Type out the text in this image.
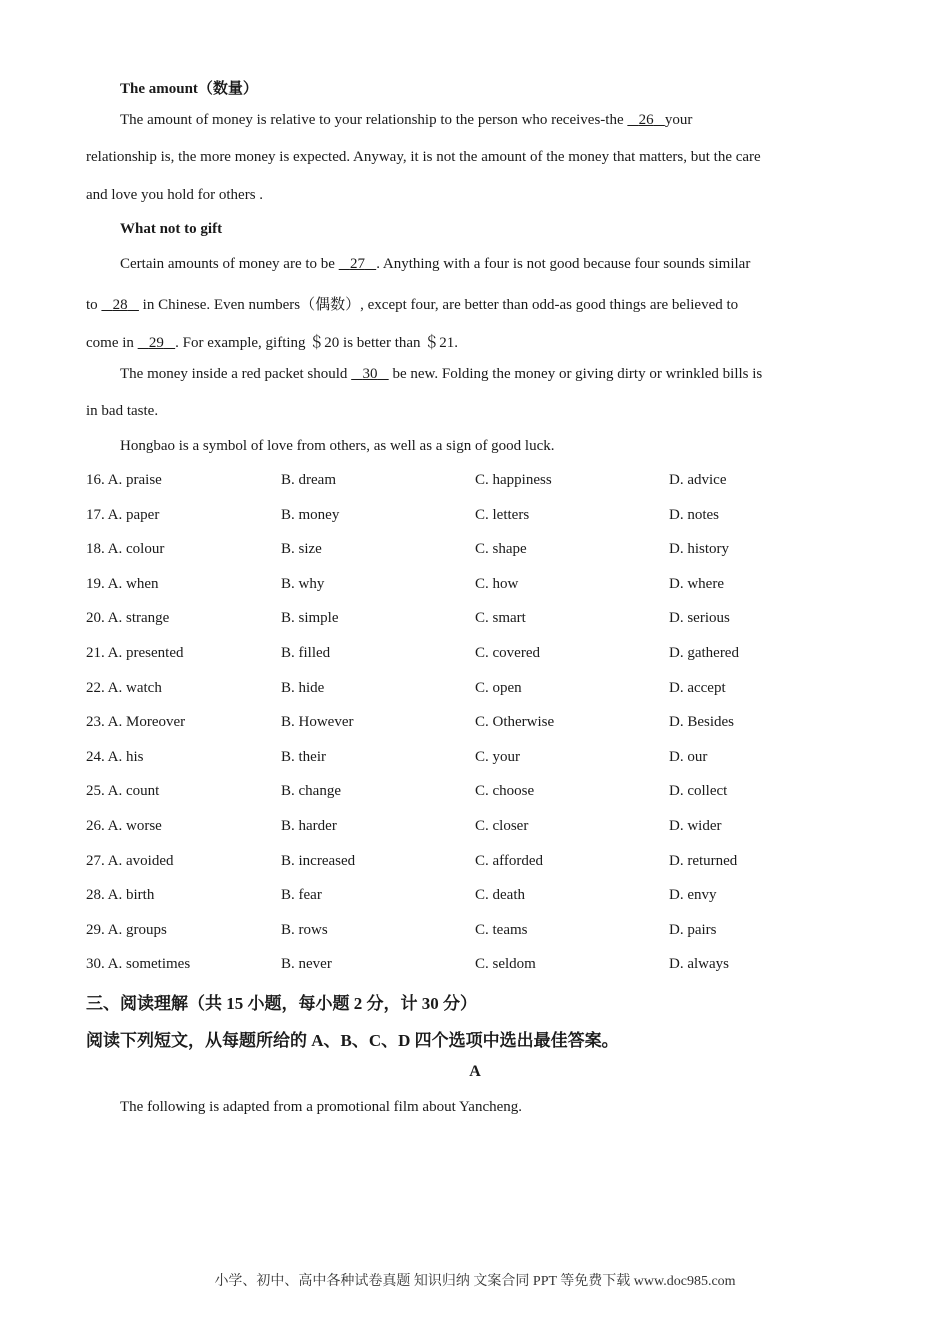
The amount（数量）
The amount of money is relative to your relationship to the person who receives-the    26 your
relationship is, the more money is expected. Anyway, it is not the amount of the money that matters, but the care
and love you hold for others .
What not to gift
Certain amounts of money are to be    27 . Anything with a four is not good because four sounds similar
to    28    in Chinese. Even numbers（偶数）, except four, are better than odd-as good things are believed to
come in    29 . For example, gifting ＄20 is better than ＄21.
The money inside a red packet should    30    be new. Folding the money or giving dirty or wrinkled bills is
in bad taste.
Hongbao is a symbol of love from others, as well as a sign of good luck.
16. A. praise	B. dream	C. happiness	D. advice
17. A. paper	B. money	C. letters	D. notes
18. A. colour	B. size	C. shape	D. history
19. A. when	B. why	C. how	D. where
20. A. strange	B. simple	C. smart	D. serious
21. A. presented	B. filled	C. covered	D. gathered
22. A. watch	B. hide	C. open	D. accept
23. A. Moreover	B. However	C. Otherwise	D. Besides
24. A. his	B. their	C. your	D. our
25. A. count	B. change	C. choose	D. collect
26. A. worse	B. harder	C. closer	D. wider
27. A. avoided	B. increased	C. afforded	D. returned
28. A. birth	B. fear	C. death	D. envy
29. A. groups	B. rows	C. teams	D. pairs
30. A. sometimes	B. never	C. seldom	D. always
三、阅读理解（共 15 小题，每小题 2 分，计 30 分）
阅读下列短文，从每题所给的 A、B、C、D 四个选项中选出最佳答案。
A
The following is adapted from a promotional film about Yancheng.
小学、初中、高中各种试卷真题 知识归纳 文案合同 PPT 等免费下载 www.doc985.com
